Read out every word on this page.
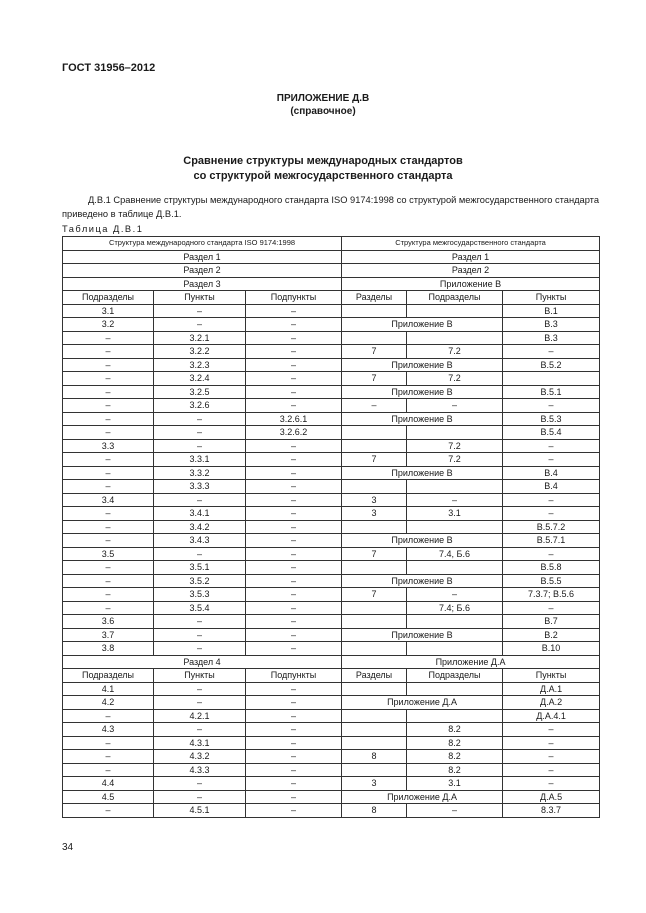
ГОСТ 31956–2012
ПРИЛОЖЕНИЕ Д.В
(справочное)
Сравнение структуры международных стандартов
со структурой межгосударственного стандарта
Д.В.1 Сравнение структуры международного стандарта ISO 9174:1998 со структурой межгосударственного стандарта приведено в таблице Д.В.1.
Таблица Д.В.1
Структура международного стандарта ISO 9174:1998			Структура межгосударственного стандарта		
Раздел 1			Раздел 1		
Раздел 2			Раздел 2		
Раздел 3			Приложение В		
Подразделы	Пункты	Подпункты	Разделы	Подразделы	Пункты
3.1	–	–			В.1
3.2	–	–	Приложение В		В.3
–	3.2.1	–			В.3
–	3.2.2	–	7	7.2	–
–	3.2.3	–	Приложение В		В.5.2
–	3.2.4	–	7	7.2	
–	3.2.5	–	Приложение В		В.5.1
–	3.2.6	–	–	–	–
–	–	3.2.6.1	Приложение В		В.5.3
–	–	3.2.6.2			В.5.4
3.3	–	–		7.2	–
–	3.3.1	–	7	7.2	–
–	3.3.2	–	Приложение В		В.4
–	3.3.3	–			В.4
3.4	–	–	3	–	–
–	3.4.1	–	3	3.1	–
–	3.4.2	–			В.5.7.2
–	3.4.3	–	Приложение В		В.5.7.1
3.5	–	–	7	7.4, Б.6	–
–	3.5.1	–			В.5.8
–	3.5.2	–	Приложение В		В.5.5
–	3.5.3	–	7	–	7.3.7; В.5.6
–	3.5.4	–		7.4; Б.6	–
3.6	–	–			В.7
3.7	–	–	Приложение В		В.2
3.8	–	–			В.10
Раздел 4			Приложение Д.А		
Подразделы	Пункты	Подпункты	Разделы	Подразделы	Пункты
4.1	–	–			Д.А.1
4.2	–	–	Приложение Д.А		Д.А.2
–	4.2.1	–			Д.А.4.1
4.3	–	–		8.2	–
–	4.3.1	–		8.2	–
–	4.3.2	–	8	8.2	–
–	4.3.3	–		8.2	–
4.4	–	–	3	3.1	–
4.5	–	–	Приложение Д.А		Д.А.5
–	4.5.1	–	8	–	8.3.7
34
